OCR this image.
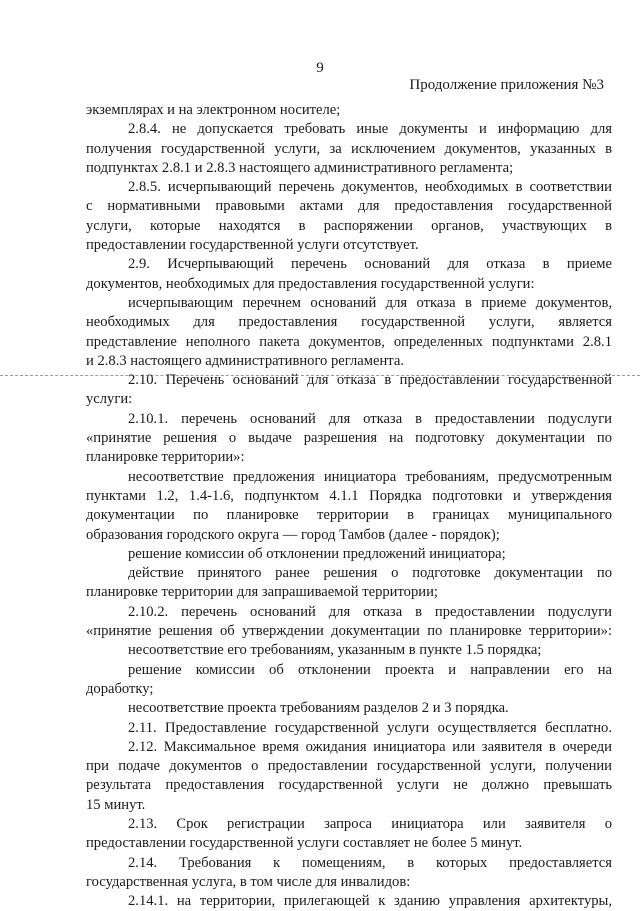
9
Продолжение приложения №3
экземплярах и на электронном носителе;
2.8.4. не допускается требовать иные документы и информацию для
получения государственной услуги, за исключением документов, указанных в
подпунктах 2.8.1 и 2.8.3 настоящего административного регламента;
2.8.5. исчерпывающий перечень документов, необходимых в соответствии
с нормативными правовыми актами для предоставления государственной
услуги, которые находятся в распоряжении органов, участвующих в
предоставлении государственной услуги отсутствует.
2.9. Исчерпывающий перечень оснований для отказа в приеме
документов, необходимых для предоставления государственной услуги:
исчерпывающим перечнем оснований для отказа в приеме документов,
необходимых для предоставления государственной услуги, является
представление неполного пакета документов, определенных подпунктами 2.8.1
и 2.8.3 настоящего административного регламента.
2.10. Перечень оснований для отказа в предоставлении государственной
услуги:
2.10.1. перечень оснований для отказа в предоставлении подуслуги
«принятие решения о выдаче разрешения на подготовку документации по
планировке территории»:
несоответствие предложения инициатора требованиям, предусмотренным
пунктами 1.2, 1.4-1.6, подпунктом 4.1.1 Порядка подготовки и утверждения
документации по планировке территории в границах муниципального
образования городского округа — город Тамбов (далее - порядок);
решение комиссии об отклонении предложений инициатора;
действие принятого ранее решения о подготовке документации по
планировке территории для запрашиваемой территории;
2.10.2. перечень оснований для отказа в предоставлении подуслуги
«принятие решения об утверждении документации по планировке территории»:
несоответствие его требованиям, указанным в пункте 1.5 порядка;
решение комиссии об отклонении проекта и направлении его на
доработку;
несоответствие проекта требованиям разделов 2 и 3 порядка.
2.11. Предоставление государственной услуги осуществляется бесплатно.
2.12. Максимальное время ожидания инициатора или заявителя в очереди
при подаче документов о предоставлении государственной услуги, получении
результата предоставления государственной услуги не должно превышать
15 минут.
2.13. Срок регистрации запроса инициатора или заявителя о
предоставлении государственной услуги составляет не более 5 минут.
2.14. Требования к помещениям, в которых предоставляется
государственная услуга, в том числе для инвалидов:
2.14.1. на территории, прилегающей к зданию управления архитектуры,
